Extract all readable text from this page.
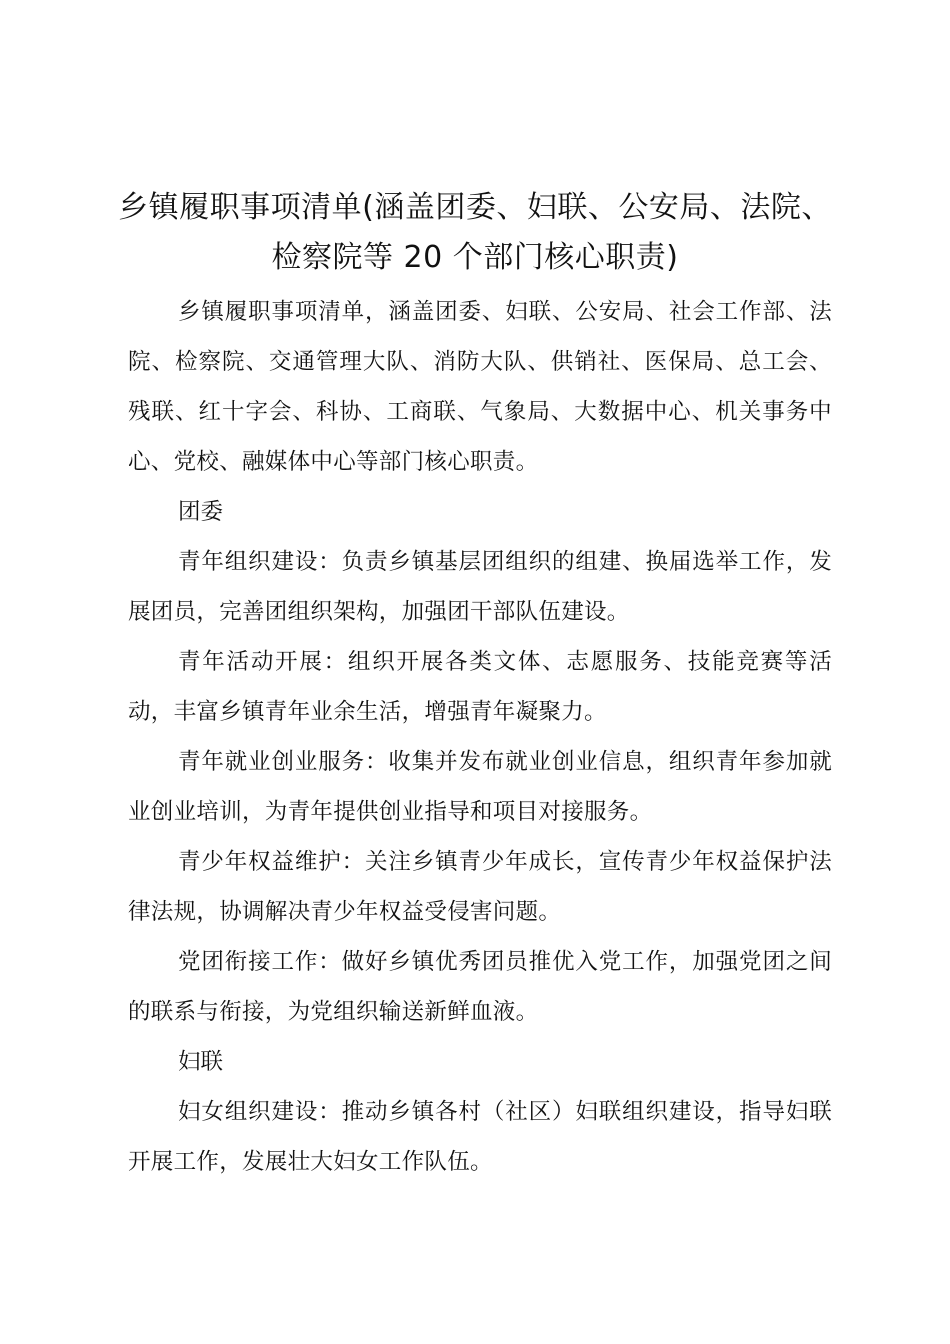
乡镇履职事项清单(涵盖团委、妇联、公安局、法院、检察院等 20 个部门核心职责)

乡镇履职事项清单，涵盖团委、妇联、公安局、社会工作部、法院、检察院、交通管理大队、消防大队、供销社、医保局、总工会、残联、红十字会、科协、工商联、气象局、大数据中心、机关事务中心、党校、融媒体中心等部门核心职责。

团委

青年组织建设：负责乡镇基层团组织的组建、换届选举工作，发展团员，完善团组织架构，加强团干部队伍建设。

青年活动开展：组织开展各类文体、志愿服务、技能竞赛等活动，丰富乡镇青年业余生活，增强青年凝聚力。

青年就业创业服务：收集并发布就业创业信息，组织青年参加就业创业培训，为青年提供创业指导和项目对接服务。

青少年权益维护：关注乡镇青少年成长，宣传青少年权益保护法律法规，协调解决青少年权益受侵害问题。

党团衔接工作：做好乡镇优秀团员推优入党工作，加强党团之间的联系与衔接，为党组织输送新鲜血液。

妇联

妇女组织建设：推动乡镇各村（社区）妇联组织建设，指导妇联开展工作，发展壮大妇女工作队伍。
